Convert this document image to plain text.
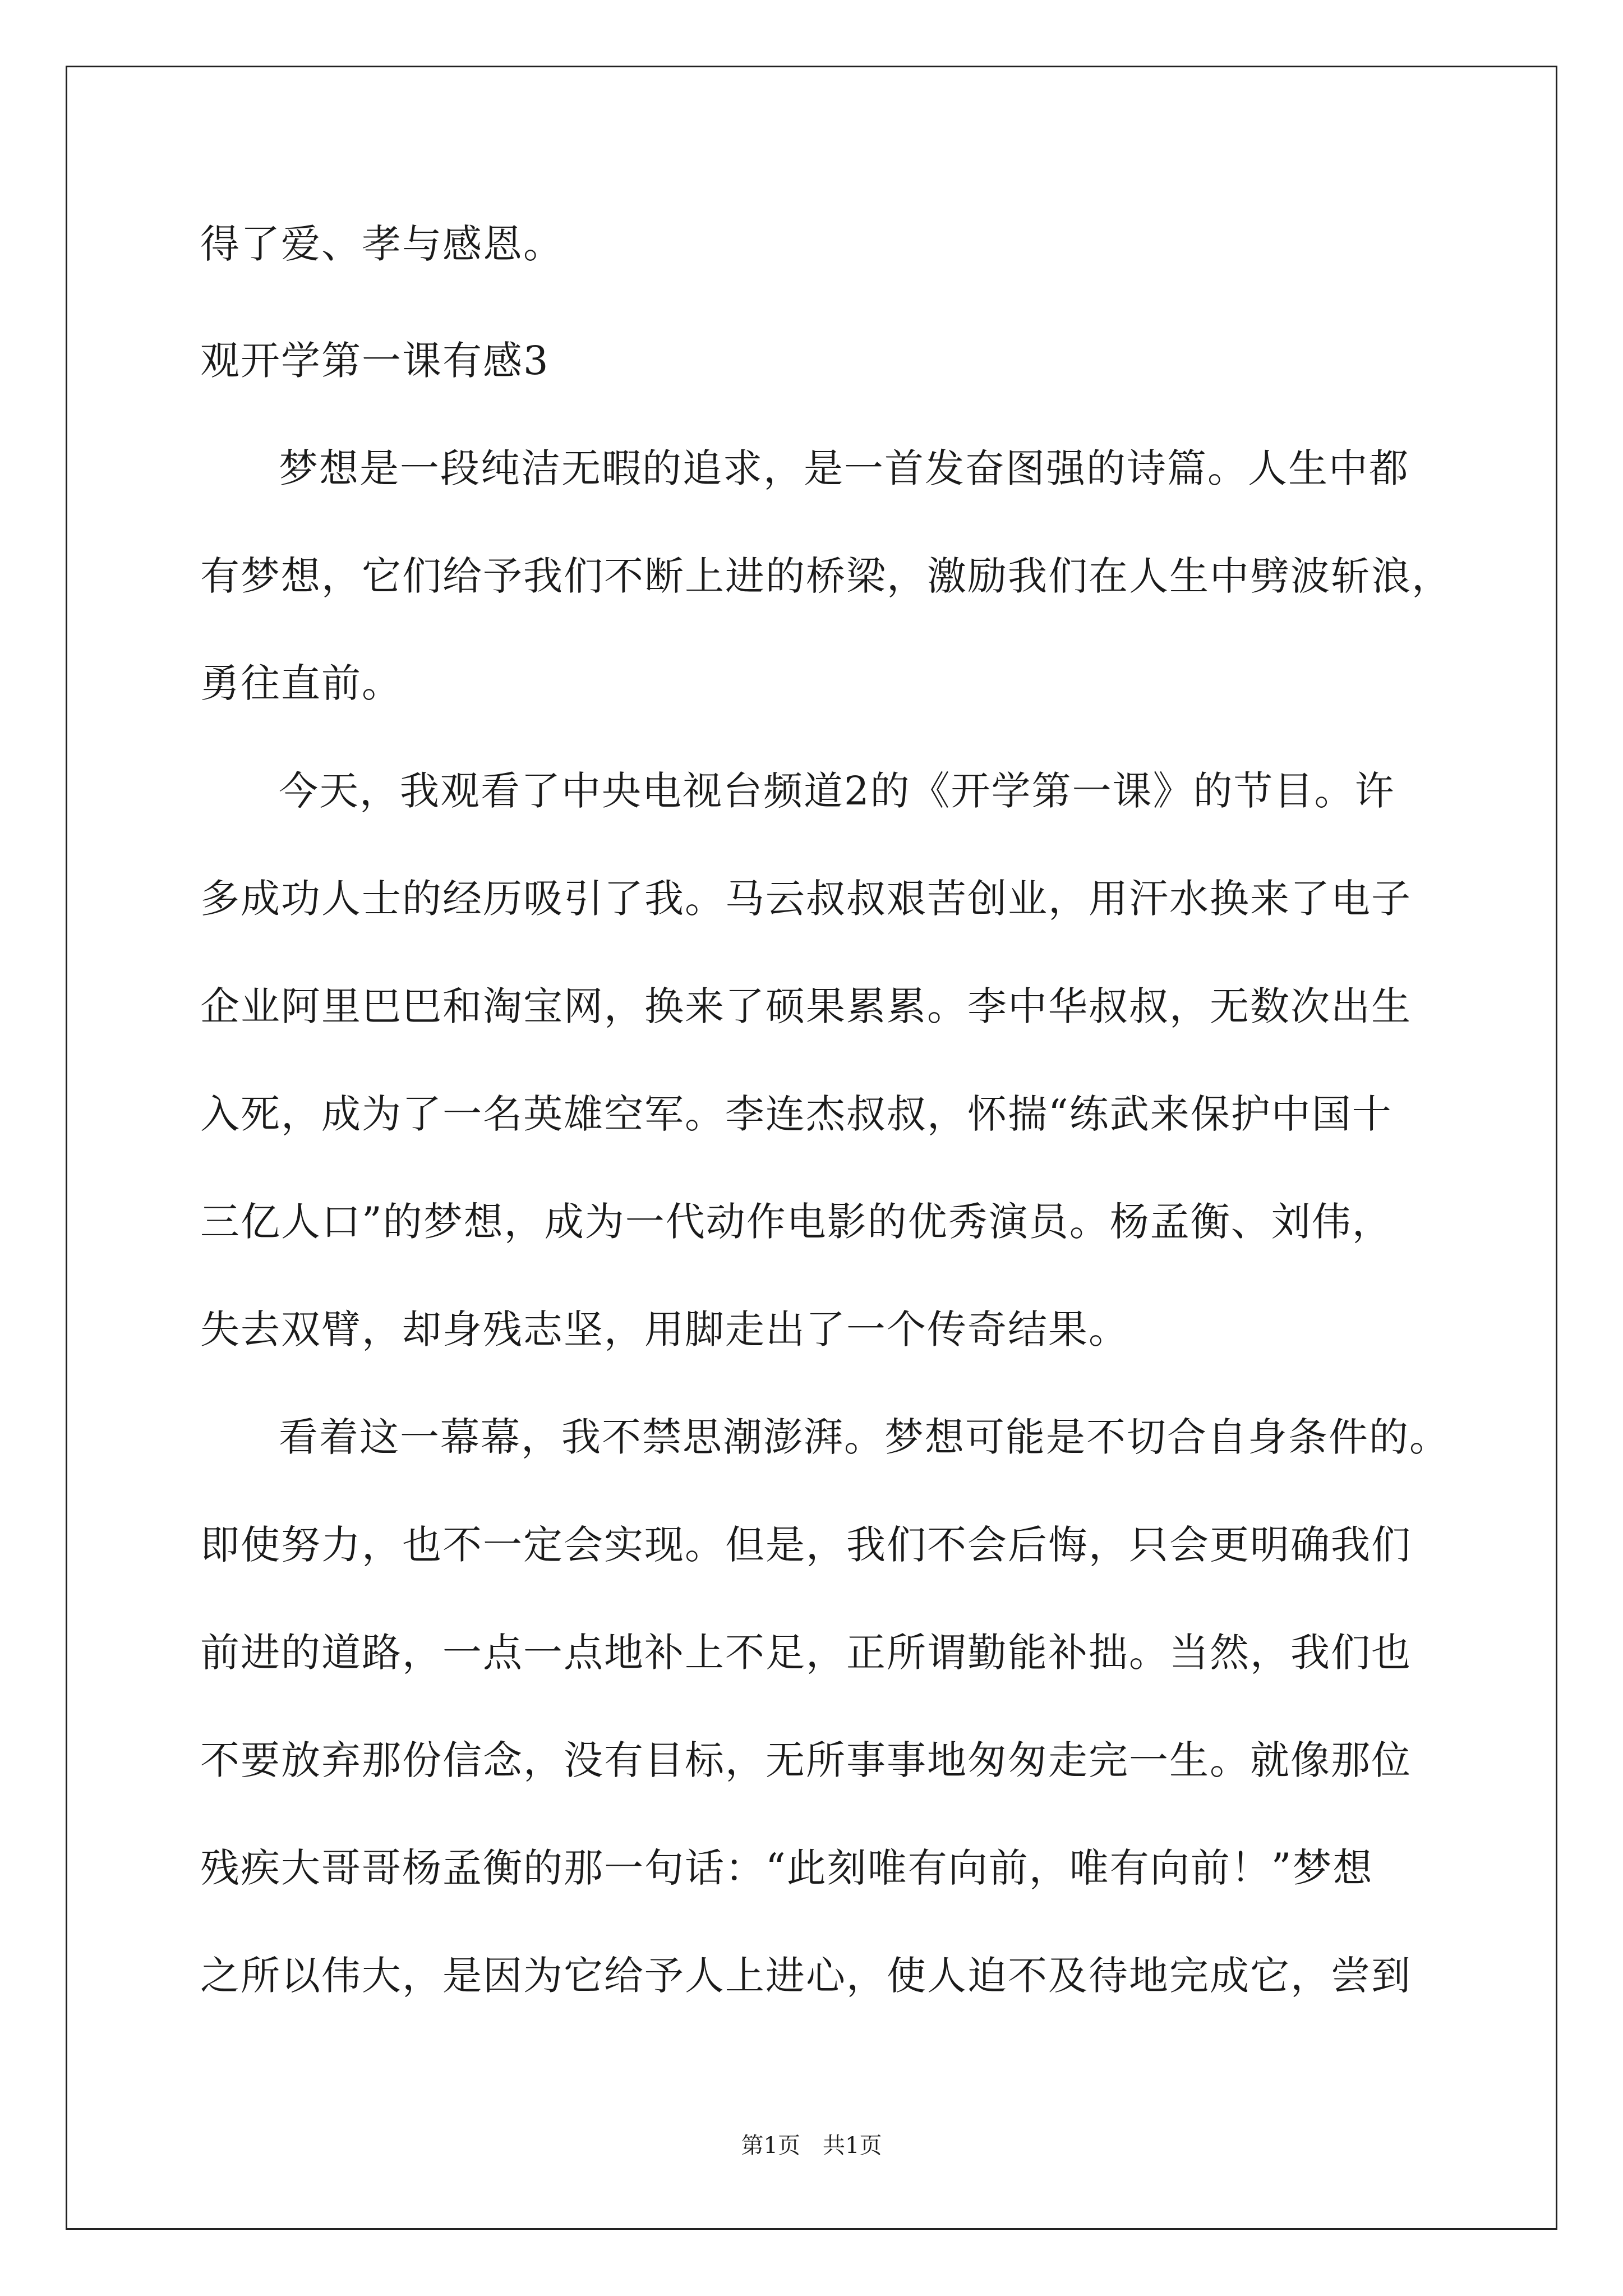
得了爱、孝与感恩。
观开学第一课有感3
梦想是一段纯洁无暇的追求，是一首发奋图强的诗篇。人生中都
有梦想，它们给予我们不断上进的桥梁，激励我们在人生中劈波斩浪，
勇往直前。
今天，我观看了中央电视台频道2的《开学第一课》的节目。许
多成功人士的经历吸引了我。马云叔叔艰苦创业，用汗水换来了电子
企业阿里巴巴和淘宝网，换来了硕果累累。李中华叔叔，无数次出生
入死，成为了一名英雄空军。李连杰叔叔，怀揣“练武来保护中国十
三亿人口”的梦想，成为一代动作电影的优秀演员。杨孟衡、刘伟，
失去双臂，却身残志坚，用脚走出了一个传奇结果。
看着这一幕幕，我不禁思潮澎湃。梦想可能是不切合自身条件的。
即使努力，也不一定会实现。但是，我们不会后悔，只会更明确我们
前进的道路，一点一点地补上不足，正所谓勤能补拙。当然，我们也
不要放弃那份信念，没有目标，无所事事地匆匆走完一生。就像那位
残疾大哥哥杨孟衡的那一句话：“此刻唯有向前，唯有向前！”梦想
之所以伟大，是因为它给予人上进心，使人迫不及待地完成它，尝到
第1页　共1页
